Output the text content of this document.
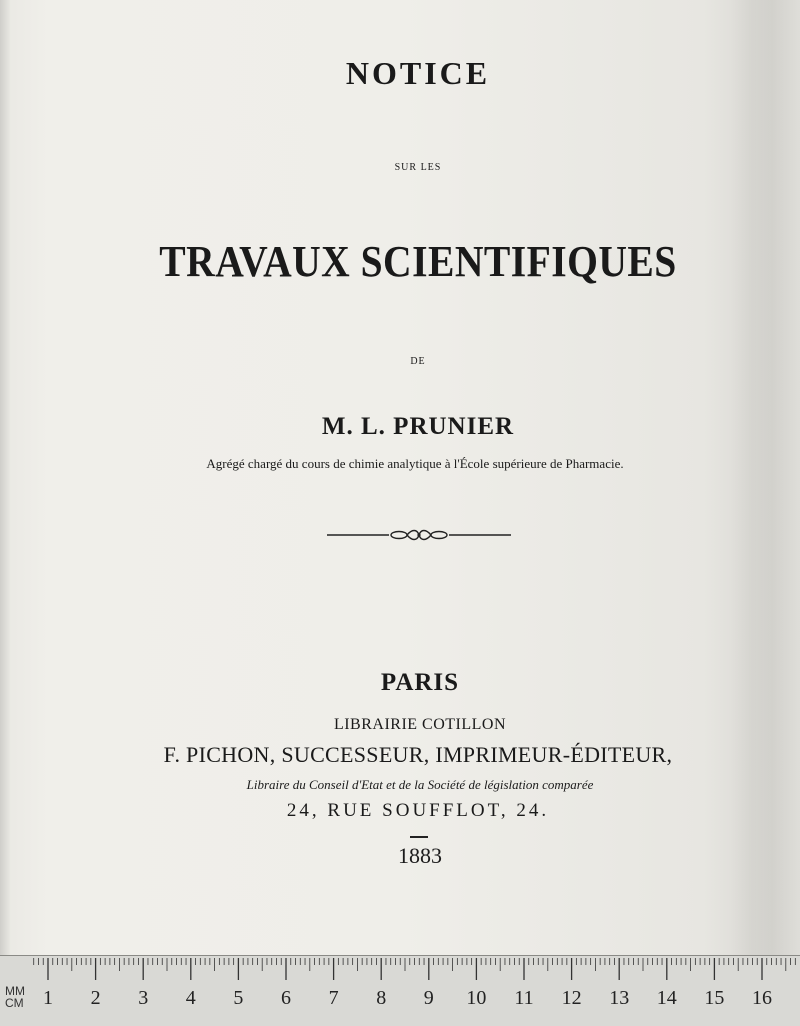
NOTICE
SUR LES
TRAVAUX SCIENTIFIQUES
DE
M. L. PRUNIER
Agrégé chargé du cours de chimie analytique à l'École supérieure de Pharmacie.
PARIS
LIBRAIRIE COTILLON
F. PICHON, SUCCESSEUR, IMPRIMEUR-ÉDITEUR,
Libraire du Conseil d'Etat et de la Société de législation comparée
24, RUE SOUFFLOT, 24.
1883
1 2 3 4 5 6 7 8 9 10 11 12 13 14 15 16
MM
CM
